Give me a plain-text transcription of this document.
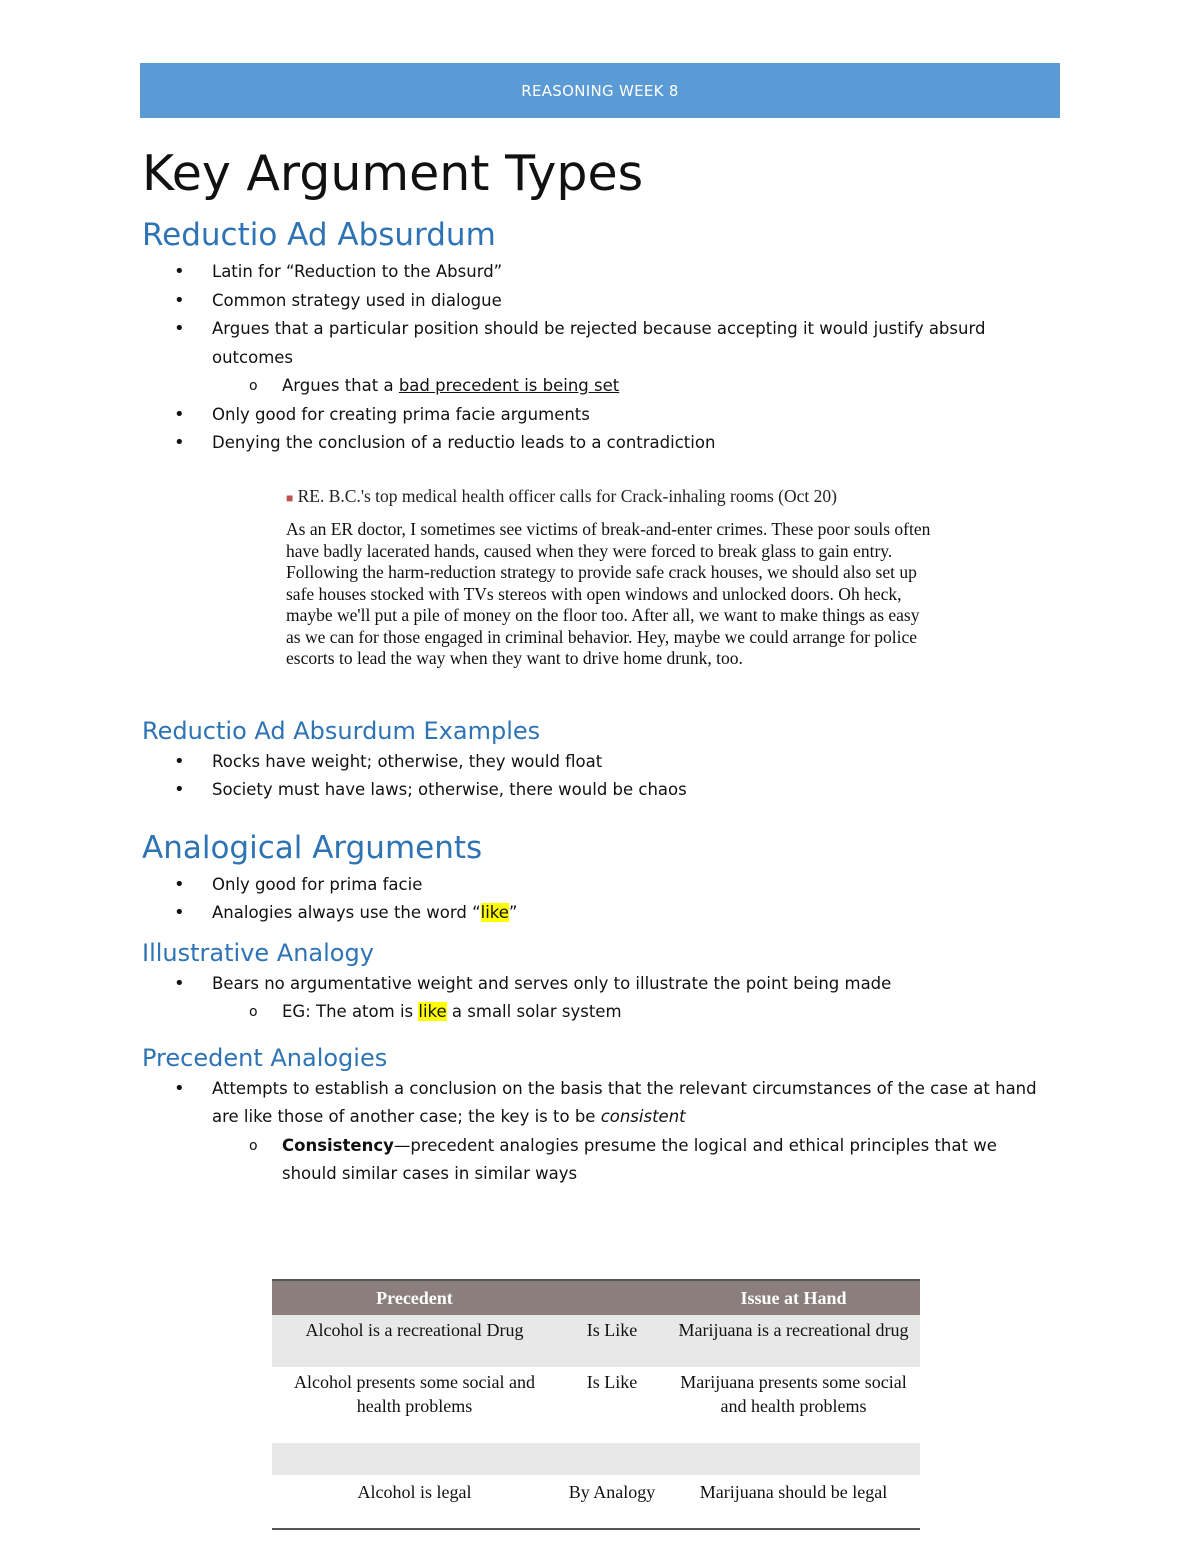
REASONING WEEK 8
Key Argument Types
Reductio Ad Absurdum
• Latin for “Reduction to the Absurd”
• Common strategy used in dialogue
• Argues that a particular position should be rejected because accepting it would justify absurd outcomes
o Argues that a bad precedent is being set
• Only good for creating prima facie arguments
• Denying the conclusion of a reductio leads to a contradiction
■ RE. B.C.'s top medical health officer calls for Crack-inhaling rooms (Oct 20)
As an ER doctor, I sometimes see victims of break-and-enter crimes. These poor souls often have badly lacerated hands, caused when they were forced to break glass to gain entry. Following the harm-reduction strategy to provide safe crack houses, we should also set up safe houses stocked with TVs stereos with open windows and unlocked doors. Oh heck, maybe we'll put a pile of money on the floor too. After all, we want to make things as easy as we can for those engaged in criminal behavior. Hey, maybe we could arrange for police escorts to lead the way when they want to drive home drunk, too.
Reductio Ad Absurdum Examples
• Rocks have weight; otherwise, they would float
• Society must have laws; otherwise, there would be chaos
Analogical Arguments
• Only good for prima facie
• Analogies always use the word “like”
Illustrative Analogy
• Bears no argumentative weight and serves only to illustrate the point being made
o EG: The atom is like a small solar system
Precedent Analogies
• Attempts to establish a conclusion on the basis that the relevant circumstances of the case at hand are like those of another case; the key is to be consistent
o Consistency—precedent analogies presume the logical and ethical principles that we should similar cases in similar ways
Precedent		Issue at Hand
Alcohol is a recreational Drug	Is Like	Marijuana is a recreational drug
Alcohol presents some social and health problems	Is Like	Marijuana presents some social and health problems

Alcohol is legal	By Analogy	Marijuana should be legal
